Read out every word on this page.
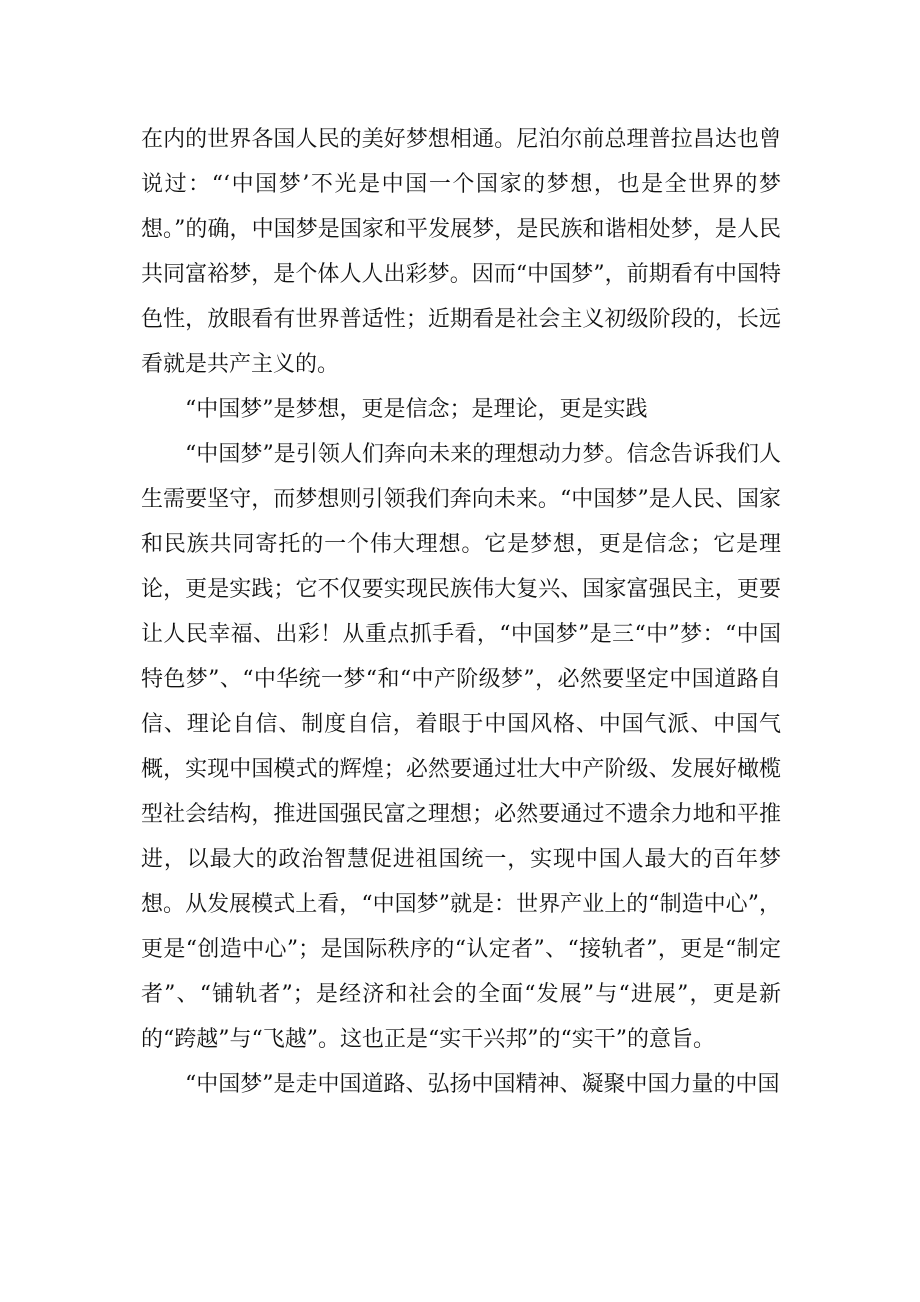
在内的世界各国人民的美好梦想相通。尼泊尔前总理普拉昌达也曾说过：“‘中国梦’不光是中国一个国家的梦想，也是全世界的梦想。”的确，中国梦是国家和平发展梦，是民族和谐相处梦，是人民共同富裕梦，是个体人人出彩梦。因而“中国梦”，前期看有中国特色性，放眼看有世界普适性；近期看是社会主义初级阶段的，长远看就是共产主义的。

“中国梦”是梦想，更是信念；是理论，更是实践

“中国梦”是引领人们奔向未来的理想动力梦。信念告诉我们人生需要坚守，而梦想则引领我们奔向未来。“中国梦”是人民、国家和民族共同寄托的一个伟大理想。它是梦想，更是信念；它是理论，更是实践；它不仅要实现民族伟大复兴、国家富强民主，更要让人民幸福、出彩！从重点抓手看，“中国梦”是三“中”梦：“中国特色梦”、“中华统一梦“和“中产阶级梦”，必然要坚定中国道路自信、理论自信、制度自信，着眼于中国风格、中国气派、中国气概，实现中国模式的辉煌；必然要通过壮大中产阶级、发展好橄榄型社会结构，推进国强民富之理想；必然要通过不遗余力地和平推进，以最大的政治智慧促进祖国统一，实现中国人最大的百年梦想。从发展模式上看，“中国梦”就是：世界产业上的“制造中心”，更是“创造中心”；是国际秩序的“认定者”、“接轨者”，更是“制定者”、“铺轨者”；是经济和社会的全面“发展”与“进展”，更是新的“跨越”与“飞越”。这也正是“实干兴邦”的“实干”的意旨。

“中国梦”是走中国道路、弘扬中国精神、凝聚中国力量的中国
